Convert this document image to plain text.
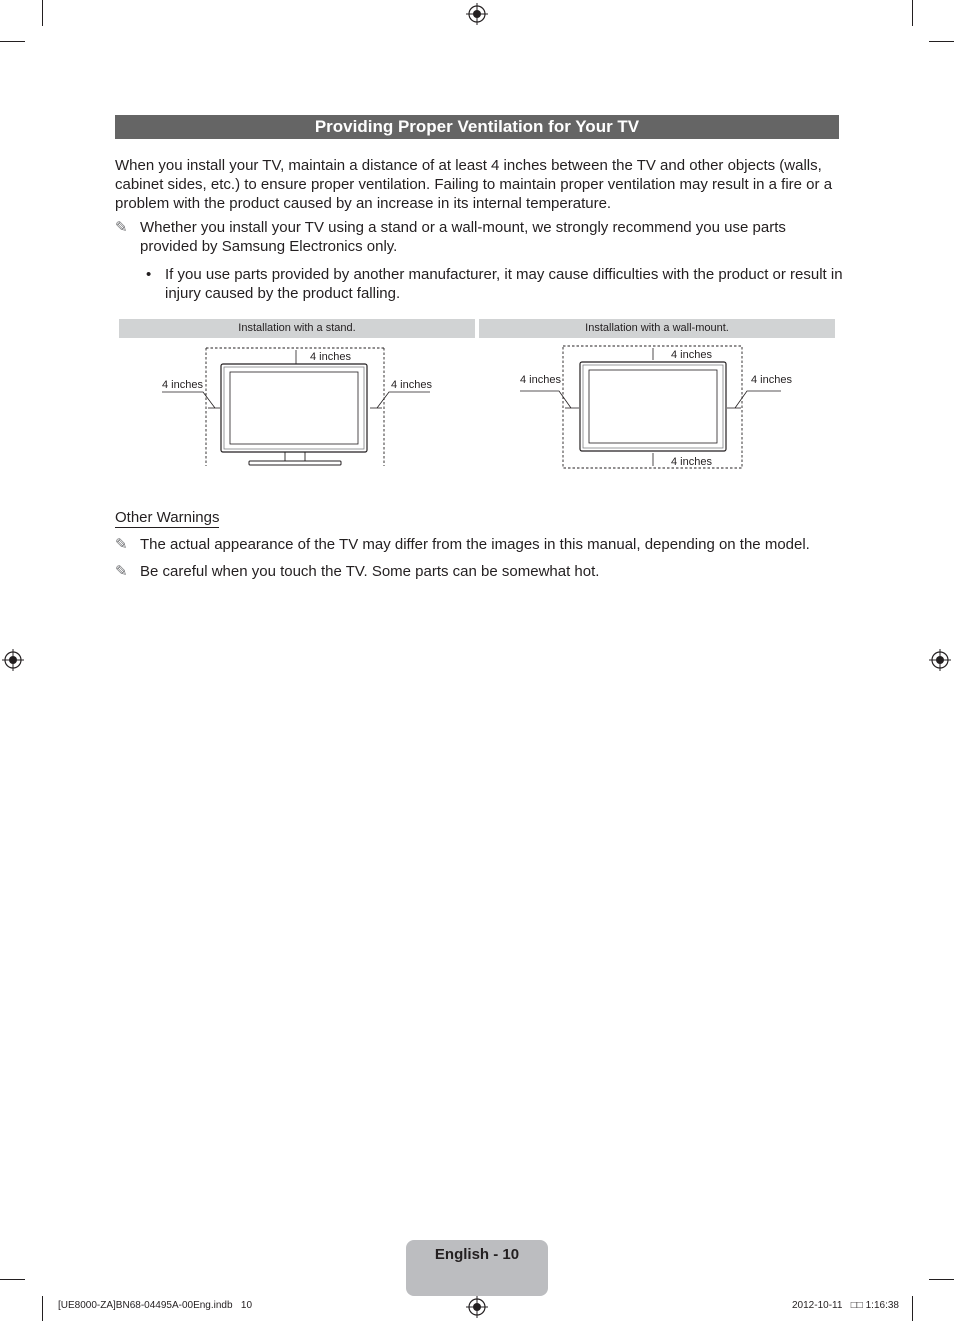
Providing Proper Ventilation for Your TV
When you install your TV, maintain a distance of at least 4 inches between the TV and other objects (walls, cabinet sides, etc.) to ensure proper ventilation. Failing to maintain proper ventilation may result in a fire or a problem with the product caused by an increase in its internal temperature.
✎ Whether you install your TV using a stand or a wall-mount, we strongly recommend you use parts provided by Samsung Electronics only.
• If you use parts provided by another manufacturer, it may cause difficulties with the product or result in injury caused by the product falling.
Installation with a stand.	Installation with a wall-mount.
4 inches
4 inches	4 inches
4 inches
4 inches
4 inches	4 inches
Other Warnings
✎ The actual appearance of the TV may differ from the images in this manual, depending on the model.
✎ Be careful when you touch the TV. Some parts can be somewhat hot.
English - 10
[UE8000-ZA]BN68-04495A-00Eng.indb   10	2012-10-11   □□ 1:16:38
